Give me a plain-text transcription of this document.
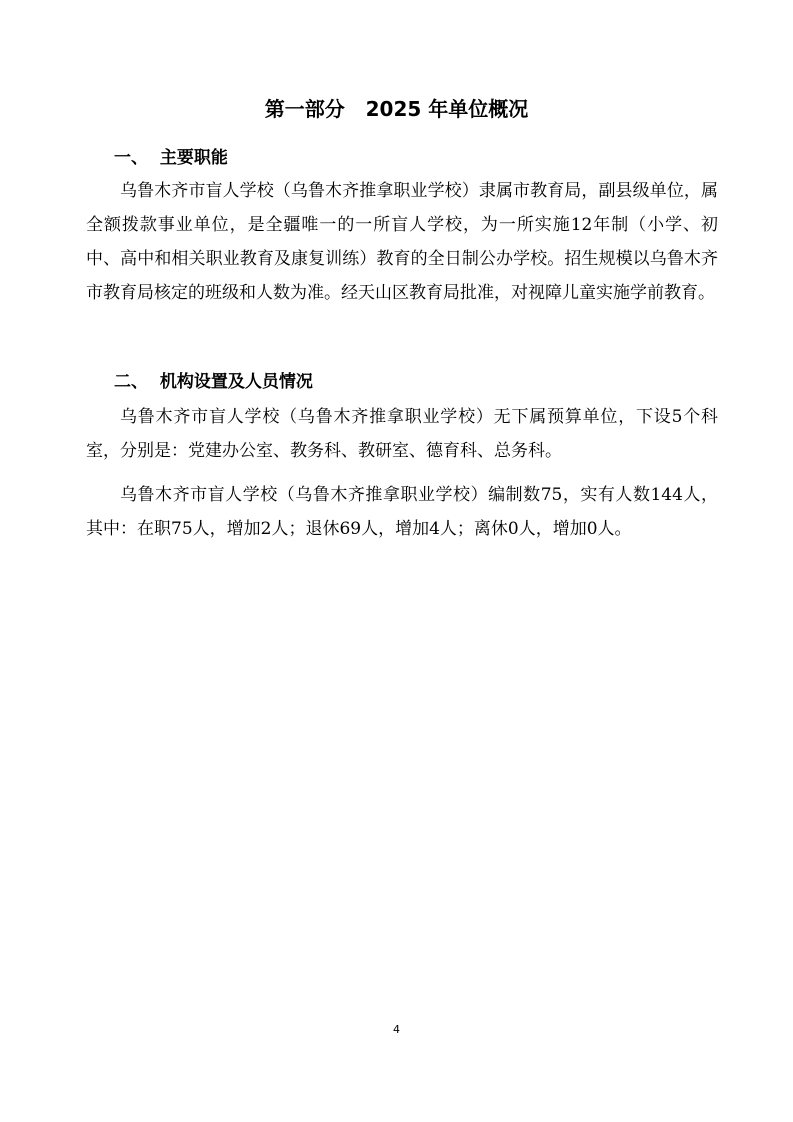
第一部分   2025 年单位概况
一、  主要职能

乌鲁木齐市盲人学校（乌鲁木齐推拿职业学校）隶属市教育局，副县级单位，属全额拨款事业单位，是全疆唯一的一所盲人学校，为一所实施12年制（小学、初中、高中和相关职业教育及康复训练）教育的全日制公办学校。招生规模以乌鲁木齐市教育局核定的班级和人数为准。经天山区教育局批准，对视障儿童实施学前教育。

二、  机构设置及人员情况

乌鲁木齐市盲人学校（乌鲁木齐推拿职业学校）无下属预算单位，下设5个科室，分别是：党建办公室、教务科、教研室、德育科、总务科。

乌鲁木齐市盲人学校（乌鲁木齐推拿职业学校）编制数75，实有人数144人，其中：在职75人，增加2人；退休69人，增加4人；离休0人，增加0人。

4
